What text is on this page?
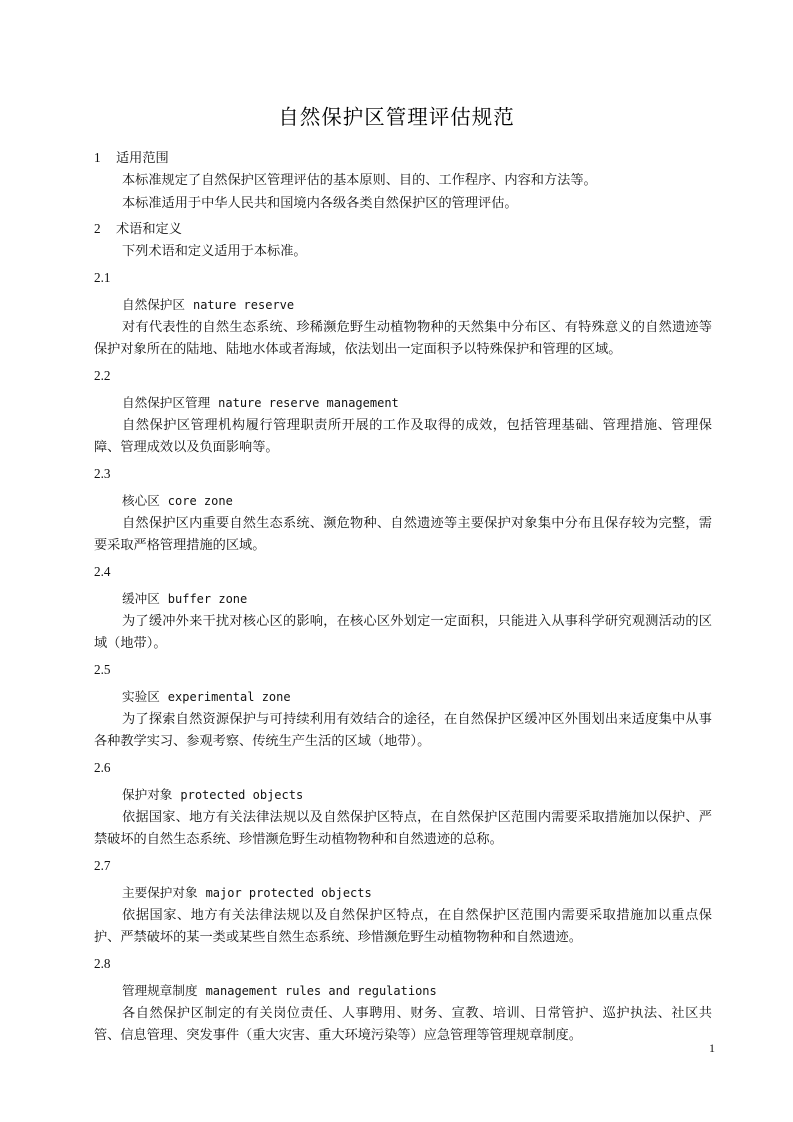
自然保护区管理评估规范
1 适用范围

本标准规定了自然保护区管理评估的基本原则、目的、工作程序、内容和方法等。

本标准适用于中华人民共和国境内各级各类自然保护区的管理评估。

2 术语和定义

下列术语和定义适用于本标准。

2.1
自然保护区 nature reserve

对有代表性的自然生态系统、珍稀濒危野生动植物物种的天然集中分布区、有特殊意义的自然遗迹等保护对象所在的陆地、陆地水体或者海域，依法划出一定面积予以特殊保护和管理的区域。

2.2
自然保护区管理 nature reserve management

自然保护区管理机构履行管理职责所开展的工作及取得的成效，包括管理基础、管理措施、管理保障、管理成效以及负面影响等。

2.3
核心区 core zone

自然保护区内重要自然生态系统、濒危物种、自然遗迹等主要保护对象集中分布且保存较为完整，需要采取严格管理措施的区域。

2.4
缓冲区 buffer zone

为了缓冲外来干扰对核心区的影响，在核心区外划定一定面积，只能进入从事科学研究观测活动的区域（地带）。

2.5
实验区 experimental zone

为了探索自然资源保护与可持续利用有效结合的途径，在自然保护区缓冲区外围划出来适度集中从事各种教学实习、参观考察、传统生产生活的区域（地带）。

2.6
保护对象 protected objects

依据国家、地方有关法律法规以及自然保护区特点，在自然保护区范围内需要采取措施加以保护、严禁破坏的自然生态系统、珍惜濒危野生动植物物种和自然遗迹的总称。

2.7
主要保护对象 major protected objects

依据国家、地方有关法律法规以及自然保护区特点，在自然保护区范围内需要采取措施加以重点保护、严禁破坏的某一类或某些自然生态系统、珍惜濒危野生动植物物种和自然遗迹。

2.8
管理规章制度 management rules and regulations

各自然保护区制定的有关岗位责任、人事聘用、财务、宣教、培训、日常管护、巡护执法、社区共管、信息管理、突发事件（重大灾害、重大环境污染等）应急管理等管理规章制度。

1
